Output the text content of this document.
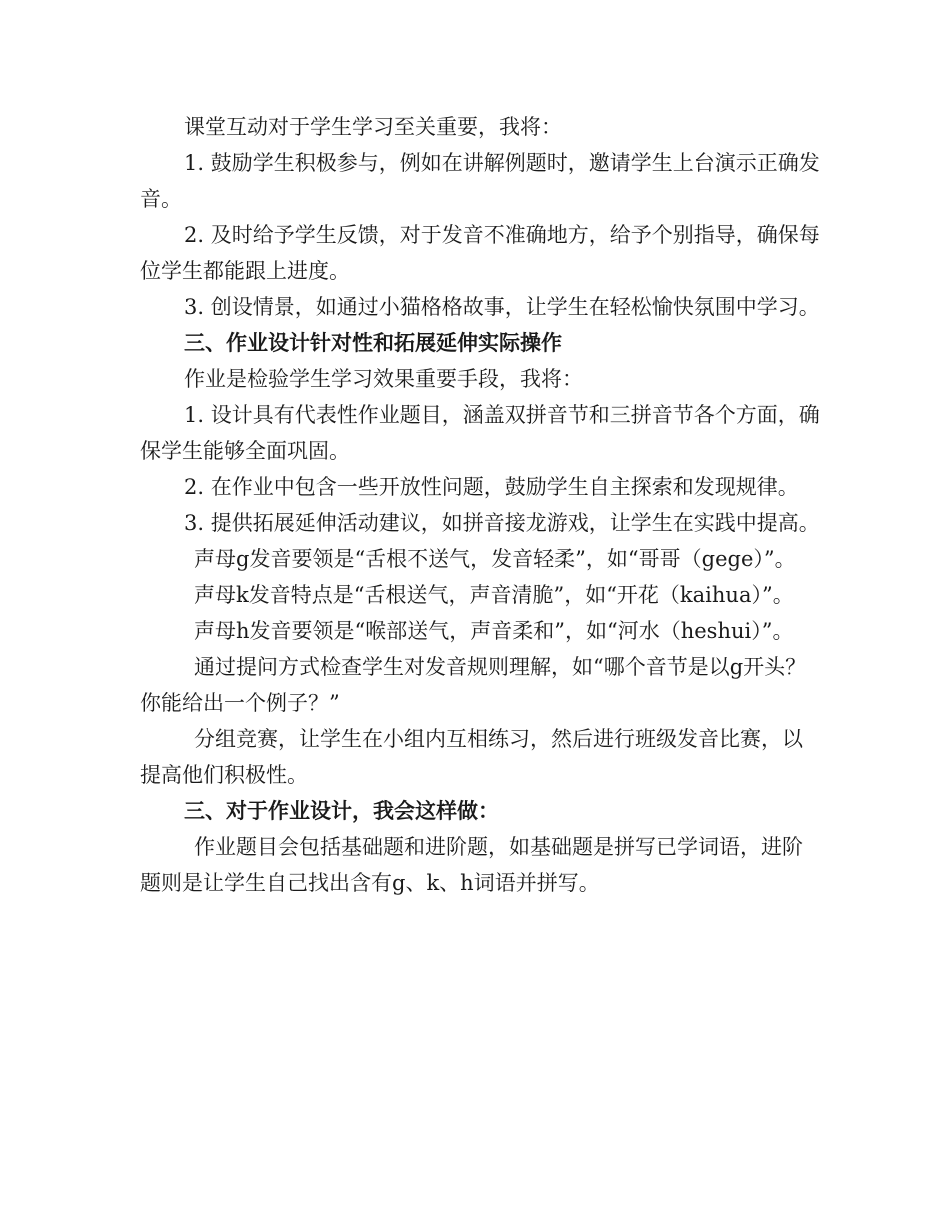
课堂互动对于学生学习至关重要，我将：

1. 鼓励学生积极参与，例如在讲解例题时，邀请学生上台演示正确发音。

2. 及时给予学生反馈，对于发音不准确地方，给予个别指导，确保每位学生都能跟上进度。

3. 创设情景，如通过小猫格格故事，让学生在轻松愉快氛围中学习。

三、作业设计针对性和拓展延伸实际操作

作业是检验学生学习效果重要手段，我将：

1. 设计具有代表性作业题目，涵盖双拼音节和三拼音节各个方面，确保学生能够全面巩固。

2. 在作业中包含一些开放性问题，鼓励学生自主探索和发现规律。

3. 提供拓展延伸活动建议，如拼音接龙游戏，让学生在实践中提高。

声母g发音要领是“舌根不送气，发音轻柔”，如“哥哥（gege）”。

声母k发音特点是“舌根送气，声音清脆”，如“开花（kaihua）”。

声母h发音要领是“喉部送气，声音柔和”，如“河水（heshui）”。

通过提问方式检查学生对发音规则理解，如“哪个音节是以g开头？你能给出一个例子？”

分组竞赛，让学生在小组内互相练习，然后进行班级发音比赛，以提高他们积极性。

三、对于作业设计，我会这样做：

作业题目会包括基础题和进阶题，如基础题是拼写已学词语，进阶题则是让学生自己找出含有g、k、h词语并拼写。
